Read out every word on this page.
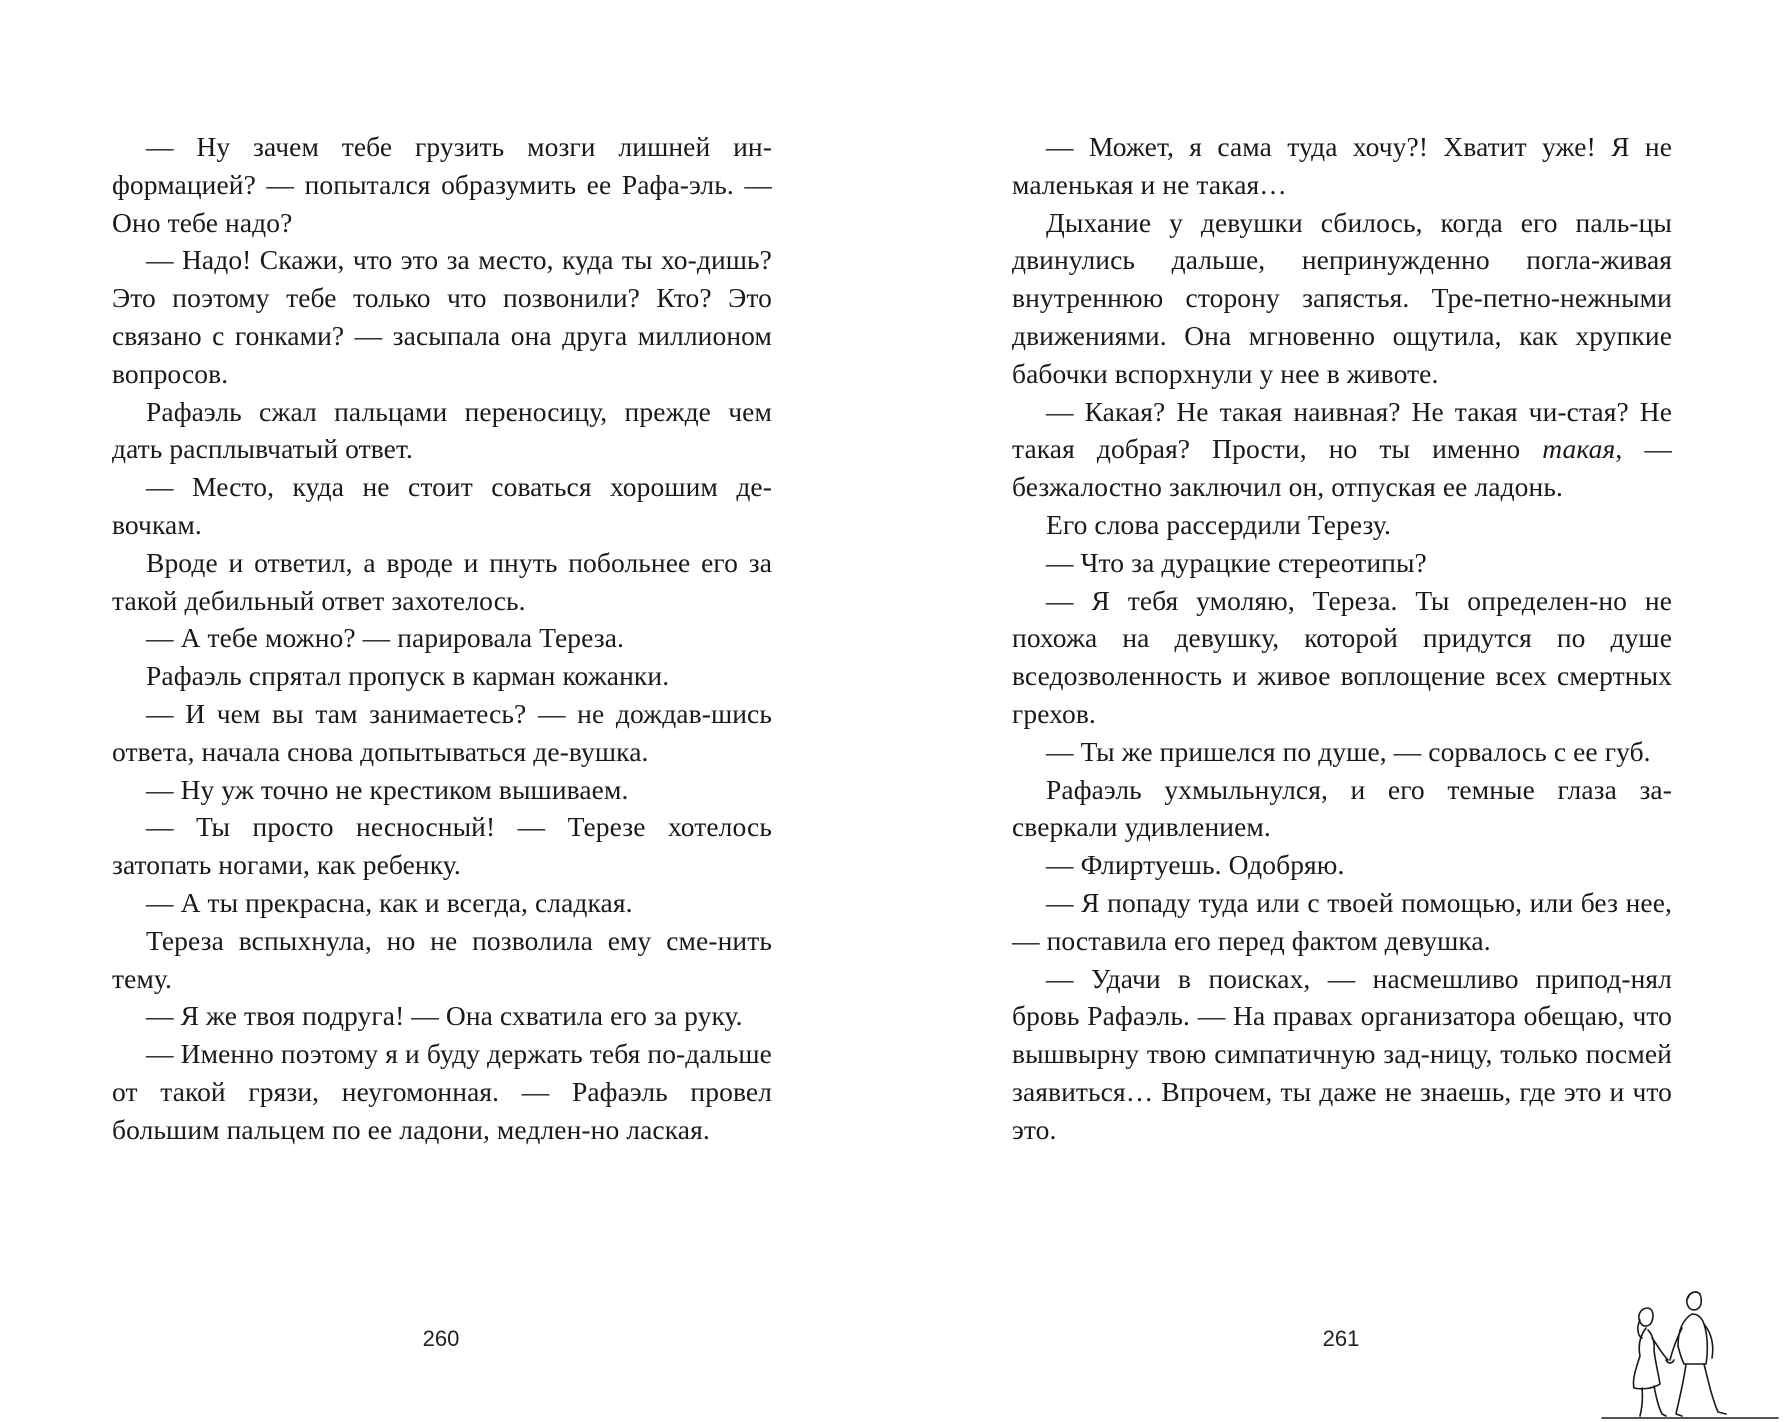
— Ну зачем тебе грузить мозги лишней ин-формацией? — попытался образумить ее Рафа-эль. — Оно тебе надо?

— Надо! Скажи, что это за место, куда ты хо-дишь? Это поэтому тебе только что позвонили? Кто? Это связано с гонками? — засыпала она друга миллионом вопросов.

Рафаэль сжал пальцами переносицу, прежде чем дать расплывчатый ответ.

— Место, куда не стоит соваться хорошим де-вочкам.

Вроде и ответил, а вроде и пнуть побольнее его за такой дебильный ответ захотелось.

— А тебе можно? — парировала Тереза.

Рафаэль спрятал пропуск в карман кожанки.

— И чем вы там занимаетесь? — не дождав-шись ответа, начала снова допытываться де-вушка.

— Ну уж точно не крестиком вышиваем.

— Ты просто несносный! — Терезе хотелось затопать ногами, как ребенку.

— А ты прекрасна, как и всегда, сладкая.

Тереза вспыхнула, но не позволила ему сме-нить тему.

— Я же твоя подруга! — Она схватила его за руку.

— Именно поэтому я и буду держать тебя по-дальше от такой грязи, неугомонная. — Рафаэль провел большим пальцем по ее ладони, медлен-но лаская.

260

— Может, я сама туда хочу?! Хватит уже! Я не маленькая и не такая…

Дыхание у девушки сбилось, когда его паль-цы двинулись дальше, непринужденно погла-живая внутреннюю сторону запястья. Тре-петно-нежными движениями. Она мгновенно ощутила, как хрупкие бабочки вспорхнули у нее в животе.

— Какая? Не такая наивная? Не такая чи-стая? Не такая добрая? Прости, но ты именно такая, — безжалостно заключил он, отпуская ее ладонь.

Его слова рассердили Терезу.

— Что за дурацкие стереотипы?

— Я тебя умоляю, Тереза. Ты определен-но не похожа на девушку, которой придутся по душе вседозволенность и живое воплощение всех смертных грехов.

— Ты же пришелся по душе, — сорвалось с ее губ.

Рафаэль ухмыльнулся, и его темные глаза за-сверкали удивлением.

— Флиртуешь. Одобряю.

— Я попаду туда или с твоей помощью, или без нее, — поставила его перед фактом девушка.

— Удачи в поисках, — насмешливо припод-нял бровь Рафаэль. — На правах организатора обещаю, что вышвырну твою симпатичную зад-ницу, только посмей заявиться… Впрочем, ты даже не знаешь, где это и что это.

261
